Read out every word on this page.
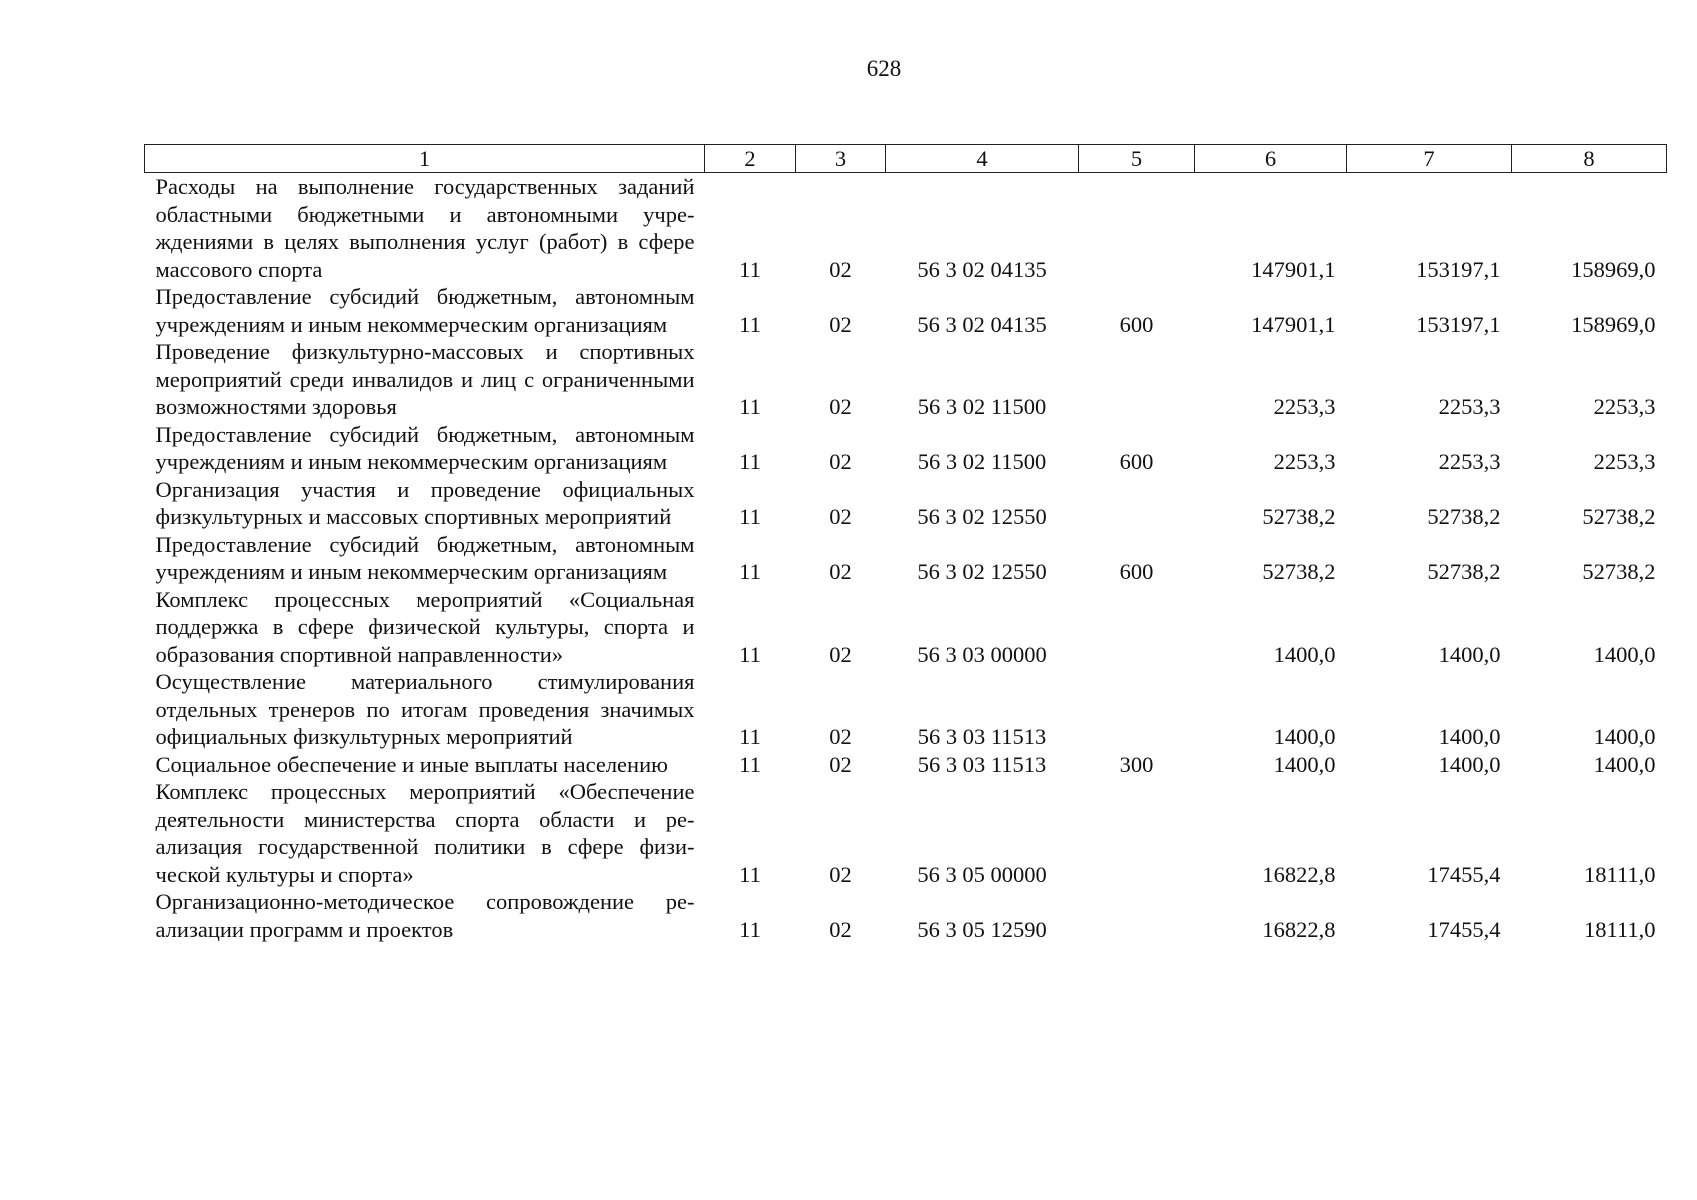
628
1	2	3	4	5	6	7	8
Расходы на выполнение государственных заданий областными бюджетными и автономными учреждениями в целях выполнения услуг (работ) в сфере массового спорта	11	02	56 3 02 04135		147901,1	153197,1	158969,0
Предоставление субсидий бюджетным, автономным учреждениям и иным некоммерческим организациям	11	02	56 3 02 04135	600	147901,1	153197,1	158969,0
Проведение физкультурно-массовых и спортивных мероприятий среди инвалидов и лиц с ограниченными возможностями здоровья	11	02	56 3 02 11500		2253,3	2253,3	2253,3
Предоставление субсидий бюджетным, автономным учреждениям и иным некоммерческим организациям	11	02	56 3 02 11500	600	2253,3	2253,3	2253,3
Организация участия и проведение официальных физкультурных и массовых спортивных мероприятий	11	02	56 3 02 12550		52738,2	52738,2	52738,2
Предоставление субсидий бюджетным, автономным учреждениям и иным некоммерческим организациям	11	02	56 3 02 12550	600	52738,2	52738,2	52738,2
Комплекс процессных мероприятий «Социальная поддержка в сфере физической культуры, спорта и образования спортивной направленности»	11	02	56 3 03 00000		1400,0	1400,0	1400,0
Осуществление материального стимулирования отдельных тренеров по итогам проведения значимых официальных физкультурных мероприятий	11	02	56 3 03 11513		1400,0	1400,0	1400,0
Социальное обеспечение и иные выплаты населению	11	02	56 3 03 11513	300	1400,0	1400,0	1400,0
Комплекс процессных мероприятий «Обеспечение деятельности министерства спорта области и реализация государственной политики в сфере физической культуры и спорта»	11	02	56 3 05 00000		16822,8	17455,4	18111,0
Организационно-методическое сопровождение реализации программ и проектов	11	02	56 3 05 12590		16822,8	17455,4	18111,0
